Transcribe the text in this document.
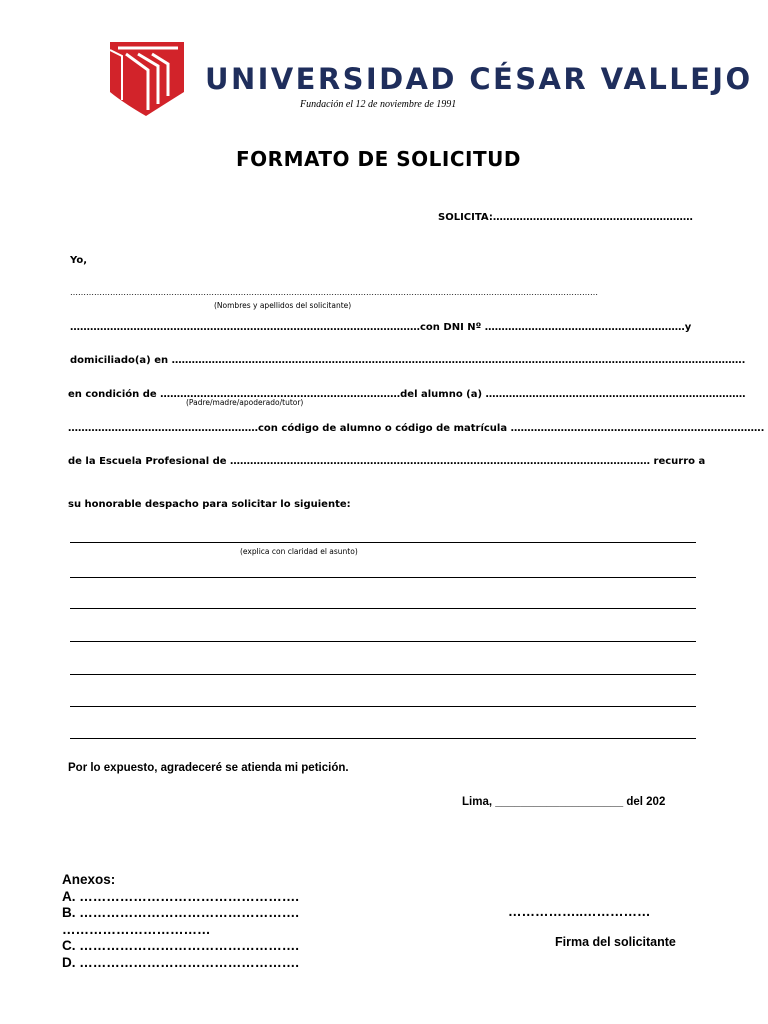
UNIVERSIDAD CÉSAR VALLEJO
Fundación el 12 de noviembre de 1991
FORMATO DE SOLICITUD
SOLICITA:……………………………………………………
Yo,
………………………………………………………………………………………………………………………………………………………………………………
(Nombres y apellidos del solicitante)
……………………………………………………………………………………………con DNI Nº ……………………………………………………y
domiciliado(a) en ……………………………………………………………………………………………………………………………………………………….
en condición de ………………………………………………………………del alumno (a) ……………………………………………………………………
(Padre/madre/apoderado/tutor)
…………………………………………………con código de alumno o código de matrícula ………………………………………………………………….
de la Escuela Profesional de ……………………………………………………………………………………………………………… recurro a
su honorable despacho para solicitar lo siguiente:
(explica con claridad el asunto)
Por lo expuesto, agradeceré se atienda mi petición.
Lima, ____________________ del 202
Anexos:
A. ………………………………………….
B. ………………………………………….
……………………………
C. ………………………………………….
D. ………………………………………….
……………..……………
Firma del solicitante
